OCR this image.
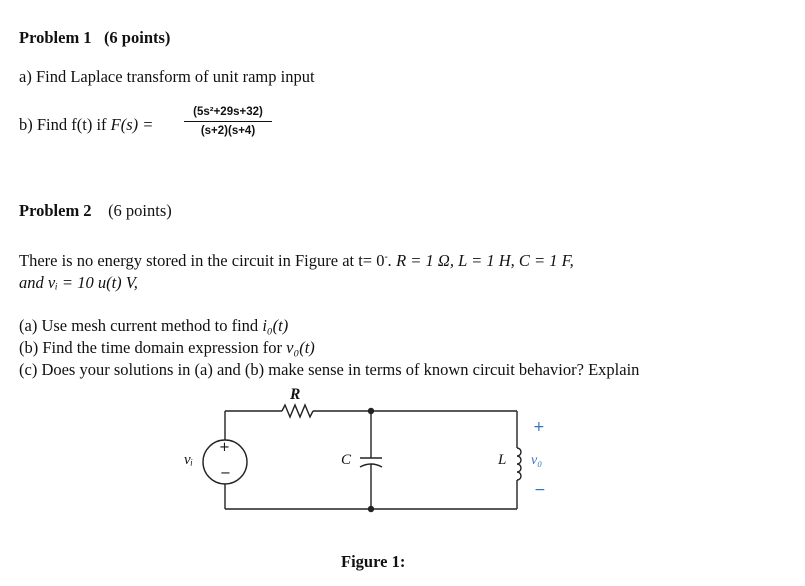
Problem 1 (6 points)
a) Find Laplace transform of unit ramp input
b) Find f(t) if F(s) =
(5s²+29s+32)
(s+2)(s+4)
Problem 2 (6 points)
There is no energy stored in the circuit in Figure at t= 0-. R = 1 Ω, L = 1 H, C = 1 F,
and vᵢ = 10 u(t) V,
(a) Use mesh current method to find i₀(t)
(b) Find the time domain expression for v₀(t)
(c) Does your solutions in (a) and (b) make sense in terms of known circuit behavior? Explain
R
vᵢ
+
−
C	L v₀
+
−
Figure 1:
